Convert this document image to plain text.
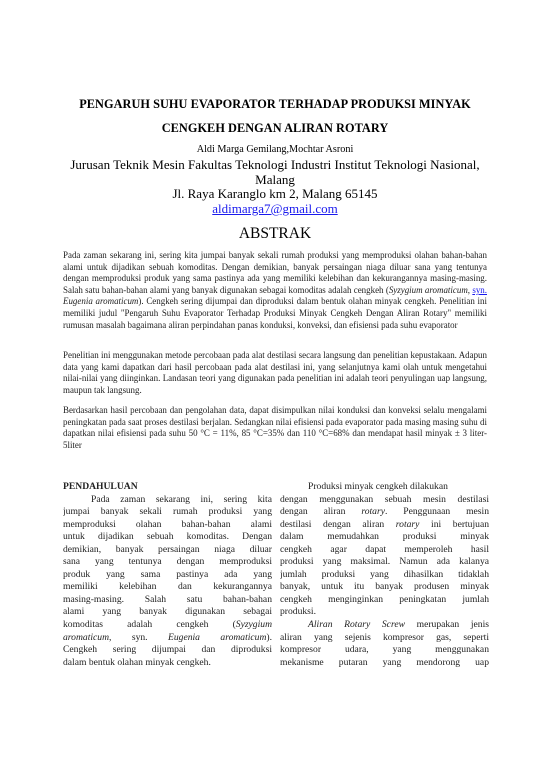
PENGARUH SUHU EVAPORATOR TERHADAP PRODUKSI MINYAK
CENGKEH DENGAN ALIRAN ROTARY
Aldi Marga Gemilang,Mochtar Asroni
Jurusan Teknik Mesin Fakultas Teknologi Industri Institut Teknologi Nasional,
Malang
Jl. Raya Karanglo km 2, Malang 65145
aldimarga7@gmail.com
ABSTRAK
Pada zaman sekarang ini, sering kita jumpai banyak sekali rumah produksi yang memproduksi olahan bahan-bahan alami untuk dijadikan sebuah komoditas. Dengan demikian, banyak persaingan niaga diluar sana yang tentunya dengan memproduksi produk yang sama pastinya ada yang memiliki kelebihan dan kekurangannya masing-masing. Salah satu bahan-bahan alami yang banyak digunakan sebagai komoditas adalah cengkeh (Syzygium aromaticum, syn. Eugenia aromaticum). Cengkeh sering dijumpai dan diproduksi dalam bentuk olahan minyak cengkeh. Penelitian ini memiliki judul "Pengaruh Suhu Evaporator Terhadap Produksi Minyak Cengkeh Dengan Aliran Rotary" memiliki rumusan masalah bagaimana aliran perpindahan panas konduksi, konveksi, dan efisiensi pada suhu evaporator
Penelitian ini menggunakan metode percobaan pada alat destilasi secara langsung dan penelitian kepustakaan. Adapun data yang kami dapatkan dari hasil percobaan pada alat destilasi ini, yang selanjutnya kami olah untuk mengetahui nilai-nilai yang diinginkan. Landasan teori yang digunakan pada penelitian ini adalah teori penyulingan uap langsung, maupun tak langsung.
Berdasarkan hasil percobaan dan pengolahan data, dapat disimpulkan nilai konduksi dan konveksi selalu mengalami peningkatan pada saat proses destilasi berjalan. Sedangkan nilai efisiensi pada evaporator pada masing masing suhu di dapatkan nilai efisiensi pada suhu 50 °C = 11%, 85 °C=35% dan 110 °C=68% dan mendapat hasil minyak ± 3 liter-5liter
PENDAHULUAN
Pada zaman sekarang ini, sering kita
jumpai banyak sekali rumah produksi yang
memproduksi olahan bahan-bahan alami
untuk dijadikan sebuah komoditas. Dengan
demikian, banyak persaingan niaga diluar
sana yang tentunya dengan memproduksi
produk yang sama pastinya ada yang
memiliki kelebihan dan kekurangannya
masing-masing. Salah satu bahan-bahan
alami yang banyak digunakan sebagai
komoditas adalah cengkeh (Syzygium
aromaticum, syn. Eugenia aromaticum).
Cengkeh sering dijumpai dan diproduksi
dalam bentuk olahan minyak cengkeh.
Produksi minyak cengkeh dilakukan
dengan menggunakan sebuah mesin destilasi
dengan aliran rotary. Penggunaan mesin
destilasi dengan aliran rotary ini bertujuan
dalam memudahkan produksi minyak
cengkeh agar dapat memperoleh hasil
produksi yang maksimal. Namun ada kalanya
jumlah produksi yang dihasilkan tidaklah
banyak, untuk itu banyak produsen minyak
cengkeh menginginkan peningkatan jumlah
produksi.
Aliran Rotary Screw merupakan jenis
aliran yang sejenis kompresor gas, seperti
kompresor udara, yang menggunakan
mekanisme putaran yang mendorong uap
